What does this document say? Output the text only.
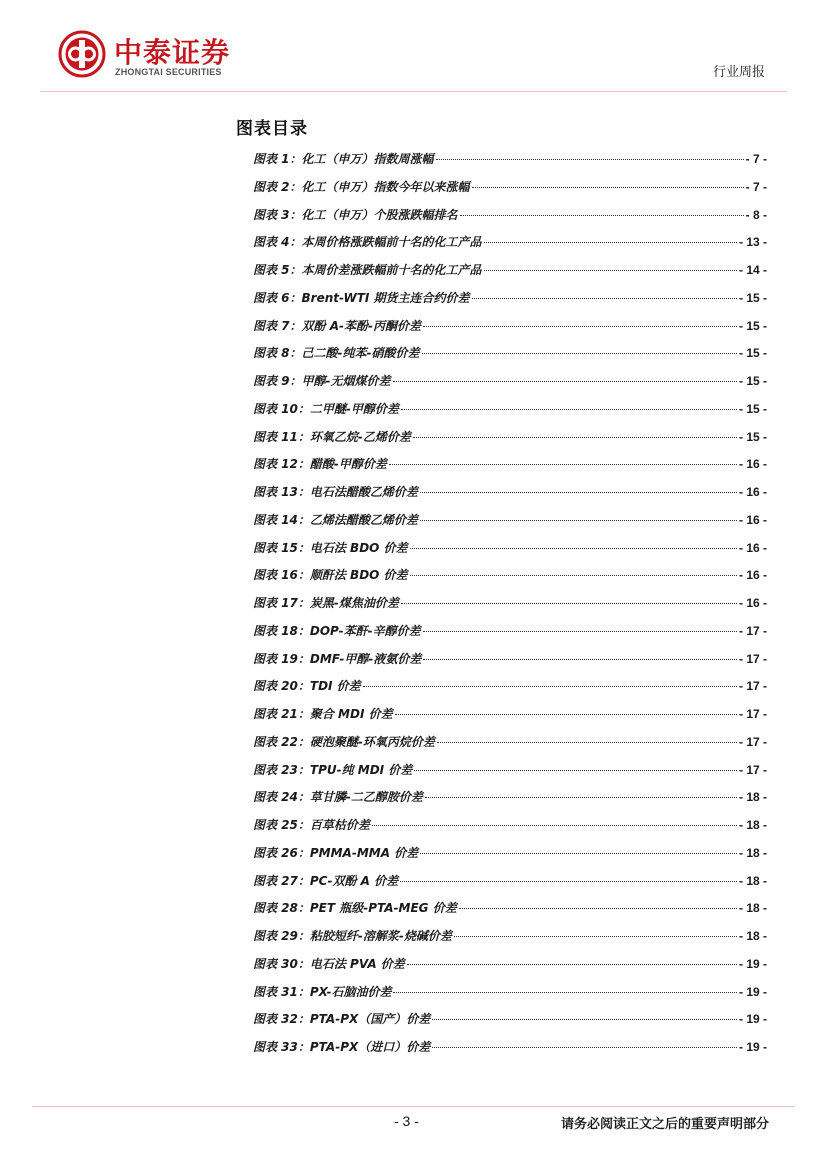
中泰证券
ZHONGTAI SECURITIES	行业周报
图表目录
图表 1：化工（申万）指数周涨幅	- 7 -
图表 2：化工（申万）指数今年以来涨幅	- 7 -
图表 3：化工（申万）个股涨跌幅排名	- 8 -
图表 4：本周价格涨跌幅前十名的化工产品	- 13 -
图表 5：本周价差涨跌幅前十名的化工产品	- 14 -
图表 6：Brent-WTI 期货主连合约价差	- 15 -
图表 7：双酚 A-苯酚-丙酮价差	- 15 -
图表 8：己二酸-纯苯-硝酸价差	- 15 -
图表 9：甲醇-无烟煤价差	- 15 -
图表 10：二甲醚-甲醇价差	- 15 -
图表 11：环氧乙烷-乙烯价差	- 15 -
图表 12：醋酸-甲醇价差	- 16 -
图表 13：电石法醋酸乙烯价差	- 16 -
图表 14：乙烯法醋酸乙烯价差	- 16 -
图表 15：电石法 BDO 价差	- 16 -
图表 16：顺酐法 BDO 价差	- 16 -
图表 17：炭黑-煤焦油价差	- 16 -
图表 18：DOP-苯酐-辛醇价差	- 17 -
图表 19：DMF-甲醇-液氨价差	- 17 -
图表 20：TDI 价差	- 17 -
图表 21：聚合 MDI 价差	- 17 -
图表 22：硬泡聚醚-环氧丙烷价差	- 17 -
图表 23：TPU-纯 MDI 价差	- 17 -
图表 24：草甘膦-二乙醇胺价差	- 18 -
图表 25：百草枯价差	- 18 -
图表 26：PMMA-MMA 价差	- 18 -
图表 27：PC-双酚 A 价差	- 18 -
图表 28：PET 瓶级-PTA-MEG 价差	- 18 -
图表 29：粘胶短纤-溶解浆-烧碱价差	- 18 -
图表 30：电石法 PVA 价差	- 19 -
图表 31：PX-石脑油价差	- 19 -
图表 32：PTA-PX（国产）价差	- 19 -
图表 33：PTA-PX（进口）价差	- 19 -
- 3 -	请务必阅读正文之后的重要声明部分
